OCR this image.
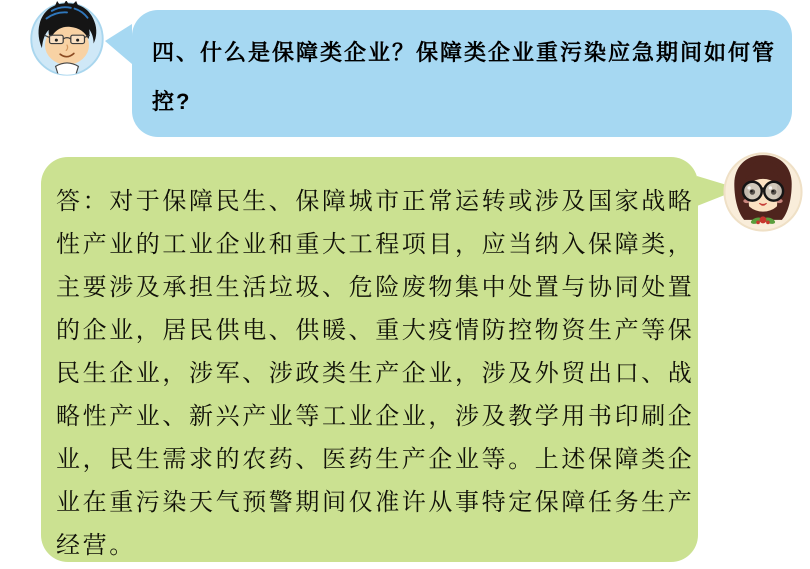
四、什么是保障类企业？保障类企业重污染应急期间如何管
控?
答：对于保障民生、保障城市正常运转或涉及国家战略
性产业的工业企业和重大工程项目，应当纳入保障类，
主要涉及承担生活垃圾、危险废物集中处置与协同处置
的企业，居民供电、供暖、重大疫情防控物资生产等保
民生企业，涉军、涉政类生产企业，涉及外贸出口、战
略性产业、新兴产业等工业企业，涉及教学用书印刷企
业，民生需求的农药、医药生产企业等。上述保障类企
业在重污染天气预警期间仅准许从事特定保障任务生产
经营。
